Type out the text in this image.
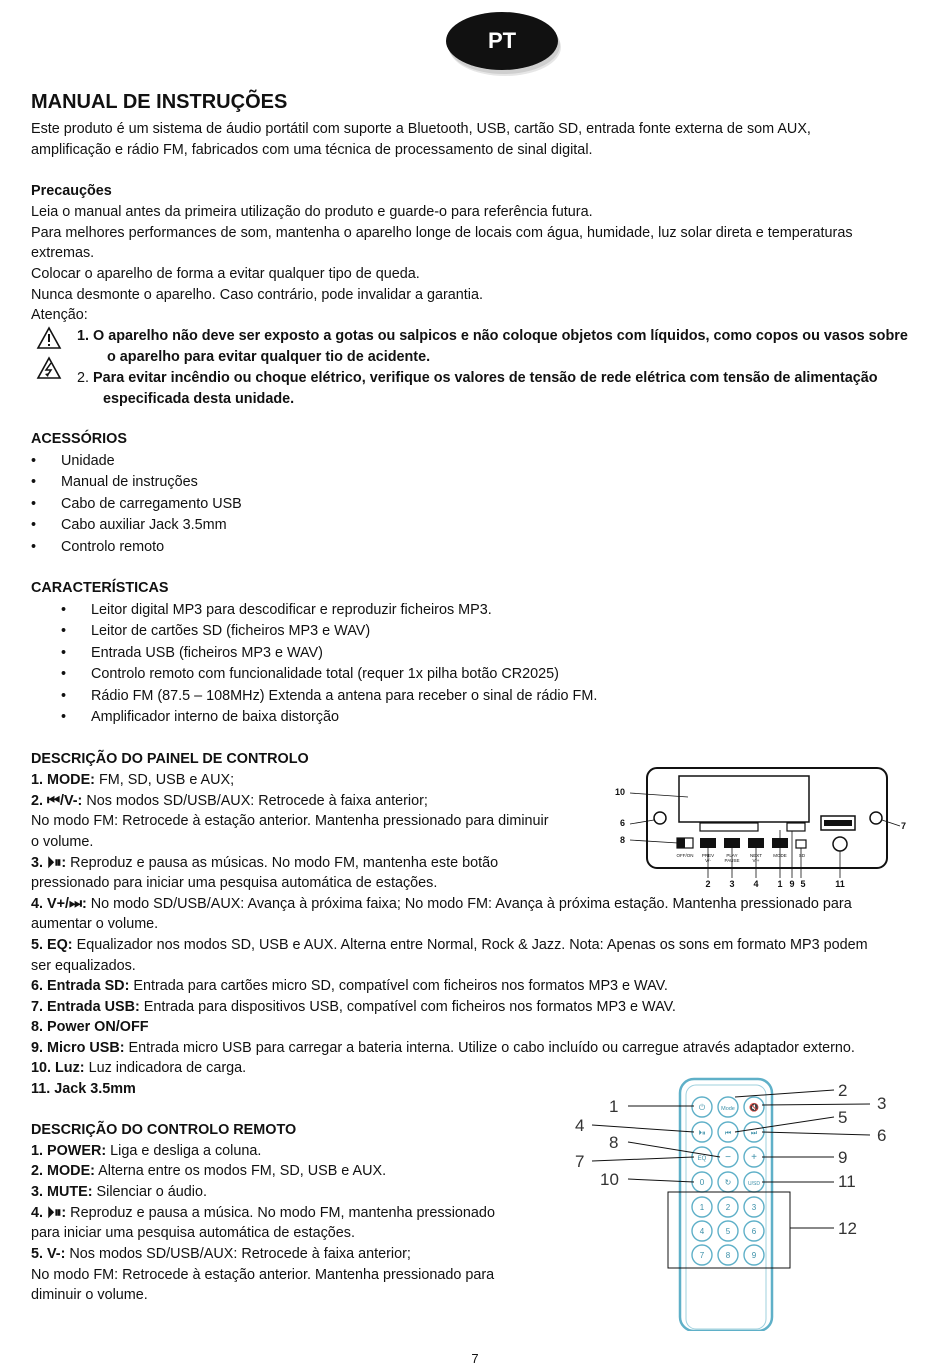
PT
MANUAL DE INSTRUÇÕES
Este produto é um sistema de áudio portátil com suporte a Bluetooth, USB, cartão SD, entrada fonte externa de som AUX,
amplificação e rádio FM, fabricados com uma técnica de processamento de sinal digital.
Precauções
Leia o manual antes da primeira utilização do produto e guarde-o para referência futura.
Para melhores performances de som, mantenha o aparelho longe de locais com água, humidade, luz solar direta e temperaturas
extremas.
Colocar o aparelho de forma a evitar qualquer tipo de queda.
Nunca desmonte o aparelho. Caso contrário, pode invalidar a garantia.
Atenção:
1. O aparelho não deve ser exposto a gotas ou salpicos e não coloque objetos com líquidos, como copos ou vasos sobre
o aparelho para evitar qualquer tio de acidente.
2. Para evitar incêndio ou choque elétrico, verifique os valores de tensão de rede elétrica com tensão de alimentação
especificada desta unidade.
ACESSÓRIOS
• Unidade
• Manual de instruções
• Cabo de carregamento USB
• Cabo auxiliar Jack 3.5mm
• Controlo remoto
CARACTERÍSTICAS
• Leitor digital MP3 para descodificar e reproduzir ficheiros MP3.
• Leitor de cartões SD (ficheiros MP3 e WAV)
• Entrada USB (ficheiros MP3 e WAV)
• Controlo remoto com funcionalidade total (requer 1x pilha botão CR2025)
• Rádio FM (87.5 – 108MHz) Extenda a antena para receber o sinal de rádio FM.
• Amplificador interno de baixa distorção
DESCRIÇÃO DO PAINEL DE CONTROLO
1. MODE: FM, SD, USB e AUX;
2. ⏮/V-: Nos modos SD/USB/AUX: Retrocede à faixa anterior;
No modo FM: Retrocede à estação anterior. Mantenha pressionado para diminuir
o volume.
3. ⏵⏸: Reproduz e pausa as músicas. No modo FM, mantenha este botão
pressionado para iniciar uma pesquisa automática de estações.
4. V+/⏭: No modo SD/USB/AUX: Avança à próxima faixa; No modo FM: Avança à próxima estação. Mantenha pressionado para
aumentar o volume.
5. EQ: Equalizador nos modos SD, USB e AUX. Alterna entre Normal, Rock & Jazz. Nota: Apenas os sons em formato MP3 podem
ser equalizados.
6. Entrada SD: Entrada para cartões micro SD, compatível com ficheiros nos formatos MP3 e WAV.
7. Entrada USB: Entrada para dispositivos USB, compatível com ficheiros nos formatos MP3 e WAV.
8. Power ON/OFF
9. Micro USB: Entrada micro USB para carregar a bateria interna. Utilize o cabo incluído ou carregue através adaptador externo.
10. Luz: Luz indicadora de carga.
11. Jack 3.5mm
OFF/ON PREV	PLAY	NEXT MODE	SD
V/-	PAUSE	V/+
10
6
8
7
2 3 4 1 9 5	11
DESCRIÇÃO DO CONTROLO REMOTO
1. POWER: Liga e desliga a coluna.
2. MODE: Alterna entre os modos FM, SD, USB e AUX.
3. MUTE: Silenciar o áudio.
4. ⏵⏸: Reproduz e pausa a música. No modo FM, mantenha pressionado
para iniciar uma pesquisa automática de estações.
5. V-: Nos modos SD/USB/AUX: Retrocede à faixa anterior;
No modo FM: Retrocede à estação anterior. Mantenha pressionado para
diminuir o volume.
⏻	Mode 🔇
⏵⏸	⏮	⏭
EQ − +
0	↻	U/SD
1	2	3
4	5	6
7	8	9
1
4
8
7
10
2
3
5
6
9
11
12
7
